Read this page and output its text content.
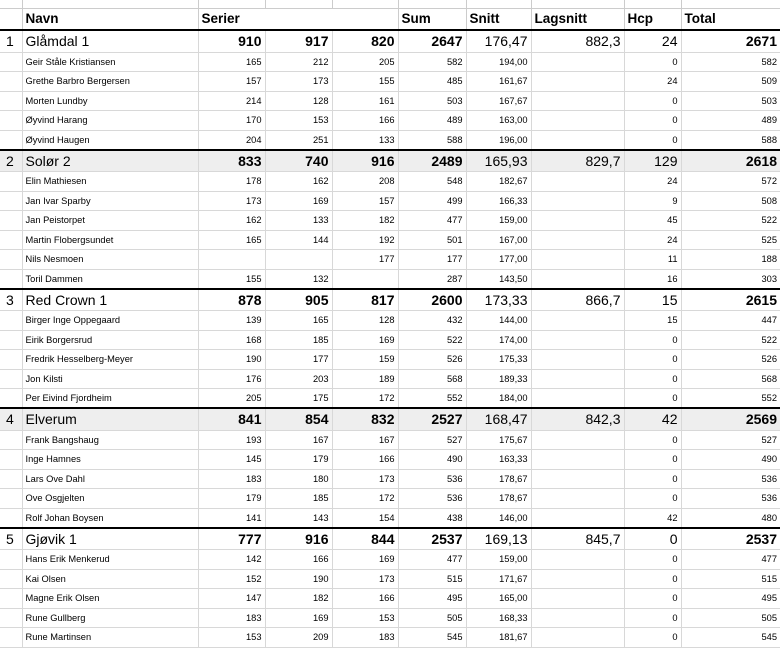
	Navn	Serier			Sum	Snitt	Lagsnitt	Hcp	Total
1	Glåmdal 1	910	917	820	2647	176,47	882,3	24	2671
	Geir Ståle Kristiansen	165	212	205	582	194,00		0	582
	Grethe Barbro Bergersen	157	173	155	485	161,67		24	509
	Morten Lundby	214	128	161	503	167,67		0	503
	Øyvind Harang	170	153	166	489	163,00		0	489
	Øyvind Haugen	204	251	133	588	196,00		0	588
2	Solør 2	833	740	916	2489	165,93	829,7	129	2618
	Elin Mathiesen	178	162	208	548	182,67		24	572
	Jan Ivar Sparby	173	169	157	499	166,33		9	508
	Jan Peistorpet	162	133	182	477	159,00		45	522
	Martin Flobergsundet	165	144	192	501	167,00		24	525
	Nils Nesmoen			177	177	177,00		11	188
	Toril Dammen	155	132		287	143,50		16	303
3	Red Crown 1	878	905	817	2600	173,33	866,7	15	2615
	Birger Inge Oppegaard	139	165	128	432	144,00		15	447
	Eirik Borgersrud	168	185	169	522	174,00		0	522
	Fredrik Hesselberg-Meyer	190	177	159	526	175,33		0	526
	Jon Kilsti	176	203	189	568	189,33		0	568
	Per Eivind Fjordheim	205	175	172	552	184,00		0	552
4	Elverum	841	854	832	2527	168,47	842,3	42	2569
	Frank Bangshaug	193	167	167	527	175,67		0	527
	Inge Hamnes	145	179	166	490	163,33		0	490
	Lars Ove Dahl	183	180	173	536	178,67		0	536
	Ove Osgjelten	179	185	172	536	178,67		0	536
	Rolf Johan Boysen	141	143	154	438	146,00		42	480
5	Gjøvik 1	777	916	844	2537	169,13	845,7	0	2537
	Hans Erik Menkerud	142	166	169	477	159,00		0	477
	Kai Olsen	152	190	173	515	171,67		0	515
	Magne Erik Olsen	147	182	166	495	165,00		0	495
	Rune Gullberg	183	169	153	505	168,33		0	505
	Rune Martinsen	153	209	183	545	181,67		0	545
